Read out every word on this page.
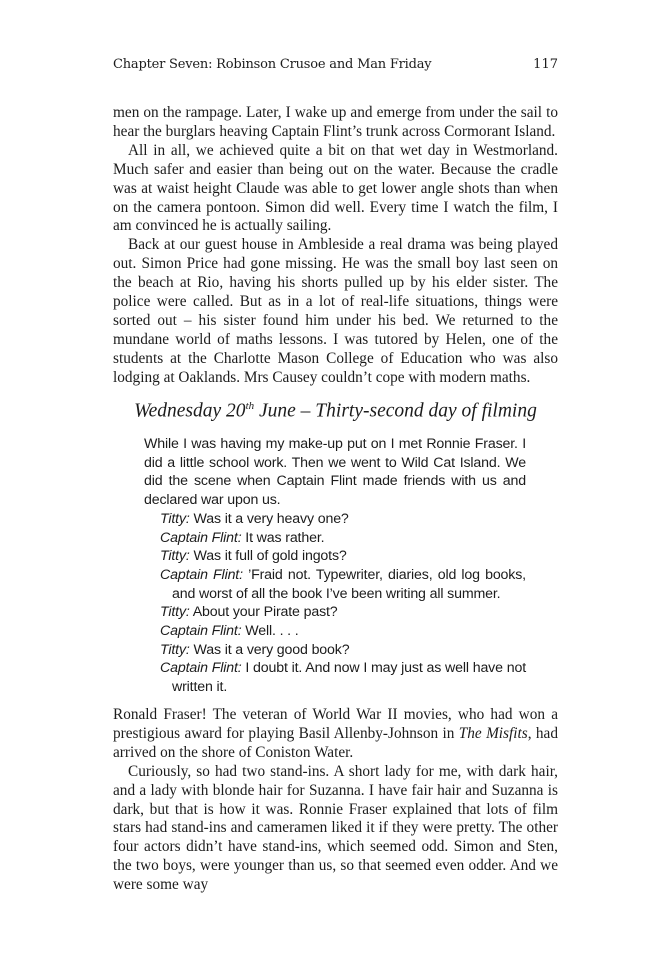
Chapter Seven: Robinson Crusoe and Man Friday	117

men on the rampage. Later, I wake up and emerge from under the sail to hear the burglars heaving Captain Flint’s trunk across Cormorant Island.

All in all, we achieved quite a bit on that wet day in Westmorland. Much safer and easier than being out on the water. Because the cradle was at waist height Claude was able to get lower angle shots than when on the camera pontoon. Simon did well. Every time I watch the film, I am convinced he is actually sailing.

Back at our guest house in Ambleside a real drama was being played out. Simon Price had gone missing. He was the small boy last seen on the beach at Rio, having his shorts pulled up by his elder sister. The police were called. But as in a lot of real-life situations, things were sorted out – his sister found him under his bed. We returned to the mundane world of maths lessons. I was tutored by Helen, one of the students at the Charlotte Mason College of Education who was also lodging at Oaklands. Mrs Causey couldn’t cope with modern maths.

Wednesday 20th June – Thirty-second day of filming

While I was having my make-up put on I met Ronnie Fraser. I did a little school work. Then we went to Wild Cat Island. We did the scene when Captain Flint made friends with us and declared war upon us.

Titty: Was it a very heavy one?

Captain Flint: It was rather.

Titty: Was it full of gold ingots?

Captain Flint: ’Fraid not. Typewriter, diaries, old log books, and worst of all the book I’ve been writing all summer.

Titty: About your Pirate past?

Captain Flint: Well. . . .

Titty: Was it a very good book?

Captain Flint: I doubt it. And now I may just as well have not written it.

Ronald Fraser! The veteran of World War II movies, who had won a prestigious award for playing Basil Allenby-Johnson in The Misfits, had arrived on the shore of Coniston Water.

Curiously, so had two stand-ins. A short lady for me, with dark hair, and a lady with blonde hair for Suzanna. I have fair hair and Suzanna is dark, but that is how it was. Ronnie Fraser explained that lots of film stars had stand-ins and cameramen liked it if they were pretty. The other four actors didn’t have stand-ins, which seemed odd. Simon and Sten, the two boys, were younger than us, so that seemed even odder. And we were some way
